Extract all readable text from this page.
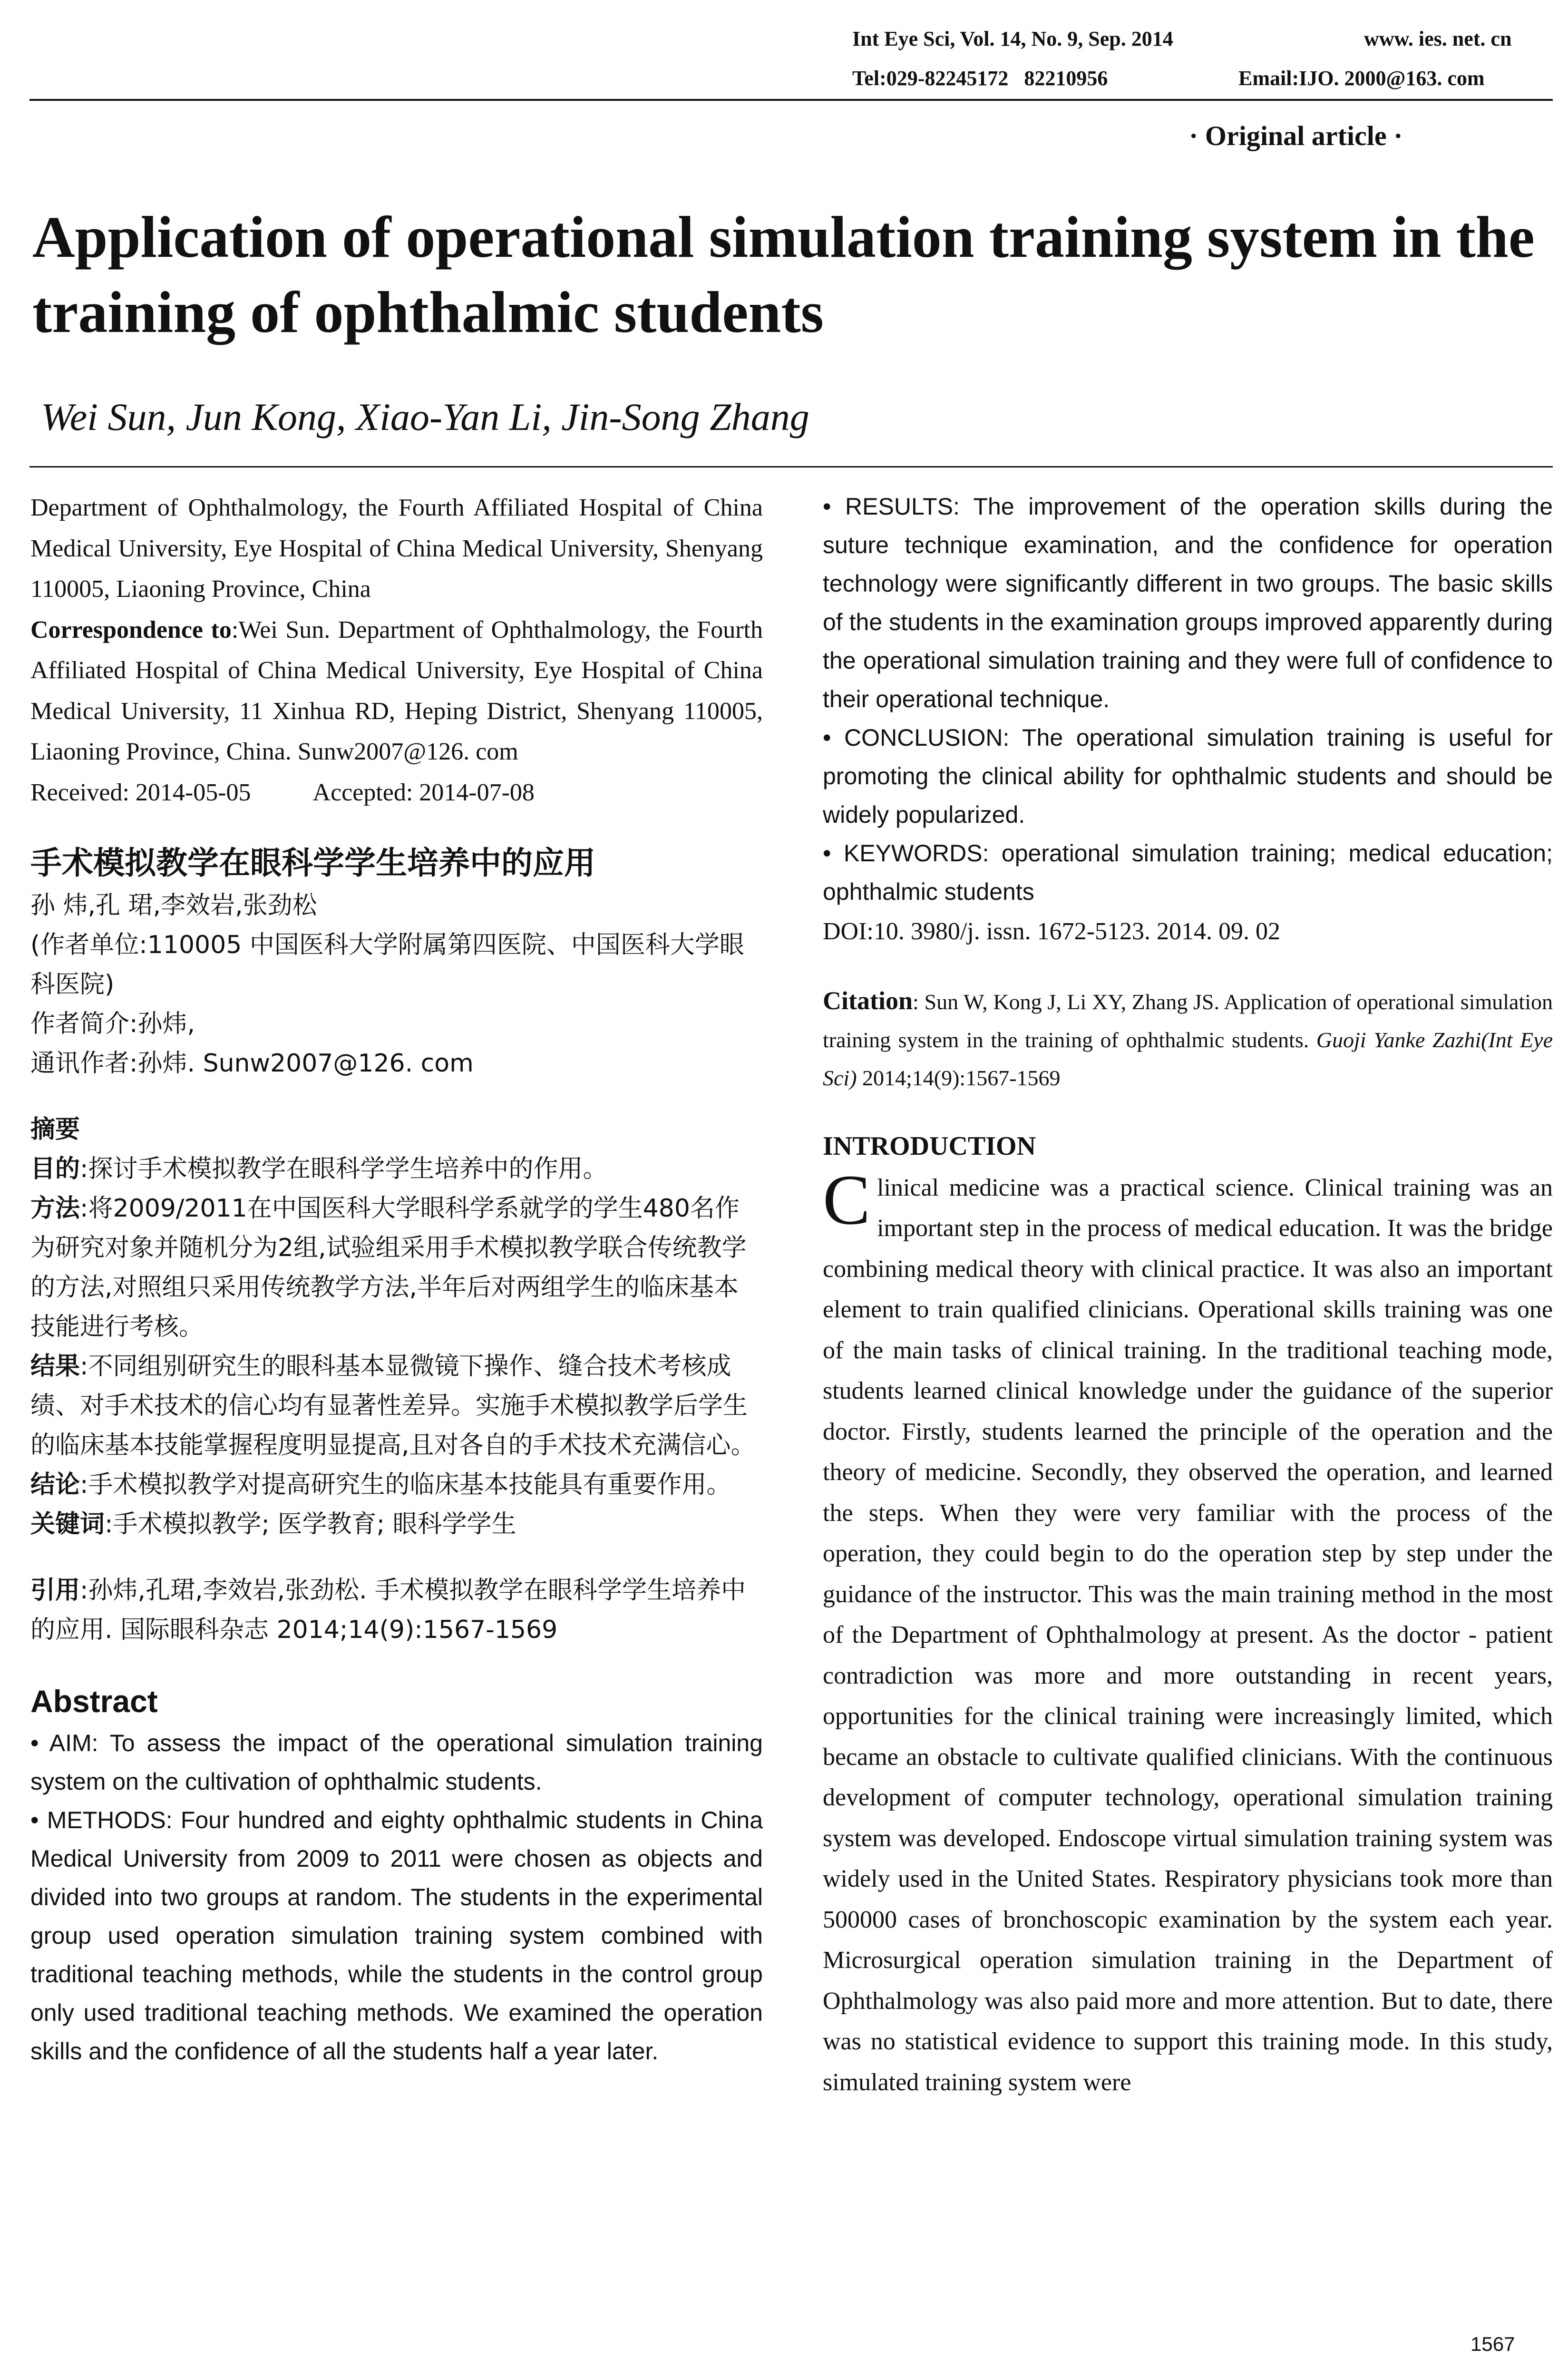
Int Eye Sci, Vol. 14, No. 9, Sep. 2014	www. ies. net. cn
Tel:029-82245172   82210956	Email:IJO. 2000@163. com
· Original article ·
Application of operational simulation training system in the training of ophthalmic students
Wei Sun, Jun Kong, Xiao-Yan Li, Jin-Song Zhang
Department of Ophthalmology, the Fourth Affiliated Hospital of China Medical University, Eye Hospital of China Medical University, Shenyang 110005, Liaoning Province, China
Correspondence to:Wei Sun. Department of Ophthalmology, the Fourth Affiliated Hospital of China Medical University, Eye Hospital of China Medical University, 11 Xinhua RD, Heping District, Shenyang 110005, Liaoning Province, China. Sunw2007@126. com
Received: 2014-05-05	Accepted: 2014-07-08
手术模拟教学在眼科学学生培养中的应用
孙 炜,孔 珺,李效岩,张劲松
(作者单位:110005 中国医科大学附属第四医院、中国医科大学眼科医院)
作者简介:孙炜,
通讯作者:孙炜. Sunw2007@126. com
摘要
目的:探讨手术模拟教学在眼科学学生培养中的作用。
方法:将2009/2011在中国医科大学眼科学系就学的学生480名作为研究对象并随机分为2组,试验组采用手术模拟教学联合传统教学的方法,对照组只采用传统教学方法,半年后对两组学生的临床基本技能进行考核。
结果:不同组别研究生的眼科基本显微镜下操作、缝合技术考核成绩、对手术技术的信心均有显著性差异。实施手术模拟教学后学生的临床基本技能掌握程度明显提高,且对各自的手术技术充满信心。
结论:手术模拟教学对提高研究生的临床基本技能具有重要作用。
关键词:手术模拟教学; 医学教育; 眼科学学生
引用:孙炜,孔珺,李效岩,张劲松. 手术模拟教学在眼科学学生培养中的应用. 国际眼科杂志 2014;14(9):1567-1569
Abstract
• AIM: To assess the impact of the operational simulation training system on the cultivation of ophthalmic students.
• METHODS: Four hundred and eighty ophthalmic students in China Medical University from 2009 to 2011 were chosen as objects and divided into two groups at random. The students in the experimental group used operation simulation training system combined with traditional teaching methods, while the students in the control group only used traditional teaching methods. We examined the operation skills and the confidence of all the students half a year later.
• RESULTS: The improvement of the operation skills during the suture technique examination, and the confidence for operation technology were significantly different in two groups. The basic skills of the students in the examination groups improved apparently during the operational simulation training and they were full of confidence to their operational technique.
• CONCLUSION: The operational simulation training is useful for promoting the clinical ability for ophthalmic students and should be widely popularized.
• KEYWORDS: operational simulation training; medical education; ophthalmic students
DOI:10. 3980/j. issn. 1672-5123. 2014. 09. 02
Citation: Sun W, Kong J, Li XY, Zhang JS. Application of operational simulation training system in the training of ophthalmic students. Guoji Yanke Zazhi(Int Eye Sci) 2014;14(9):1567-1569
INTRODUCTION
Clinical medicine was a practical science. Clinical training was an important step in the process of medical education. It was the bridge combining medical theory with clinical practice. It was also an important element to train qualified clinicians. Operational skills training was one of the main tasks of clinical training. In the traditional teaching mode, students learned clinical knowledge under the guidance of the superior doctor. Firstly, students learned the principle of the operation and the theory of medicine. Secondly, they observed the operation, and learned the steps. When they were very familiar with the process of the operation, they could begin to do the operation step by step under the guidance of the instructor. This was the main training method in the most of the Department of Ophthalmology at present. As the doctor - patient contradiction was more and more outstanding in recent years, opportunities for the clinical training were increasingly limited, which became an obstacle to cultivate qualified clinicians. With the continuous development of computer technology, operational simulation training system was developed. Endoscope virtual simulation training system was widely used in the United States. Respiratory physicians took more than 500000 cases of bronchoscopic examination by the system each year. Microsurgical operation simulation training in the Department of Ophthalmology was also paid more and more attention. But to date, there was no statistical evidence to support this training mode. In this study, simulated training system were
1567
